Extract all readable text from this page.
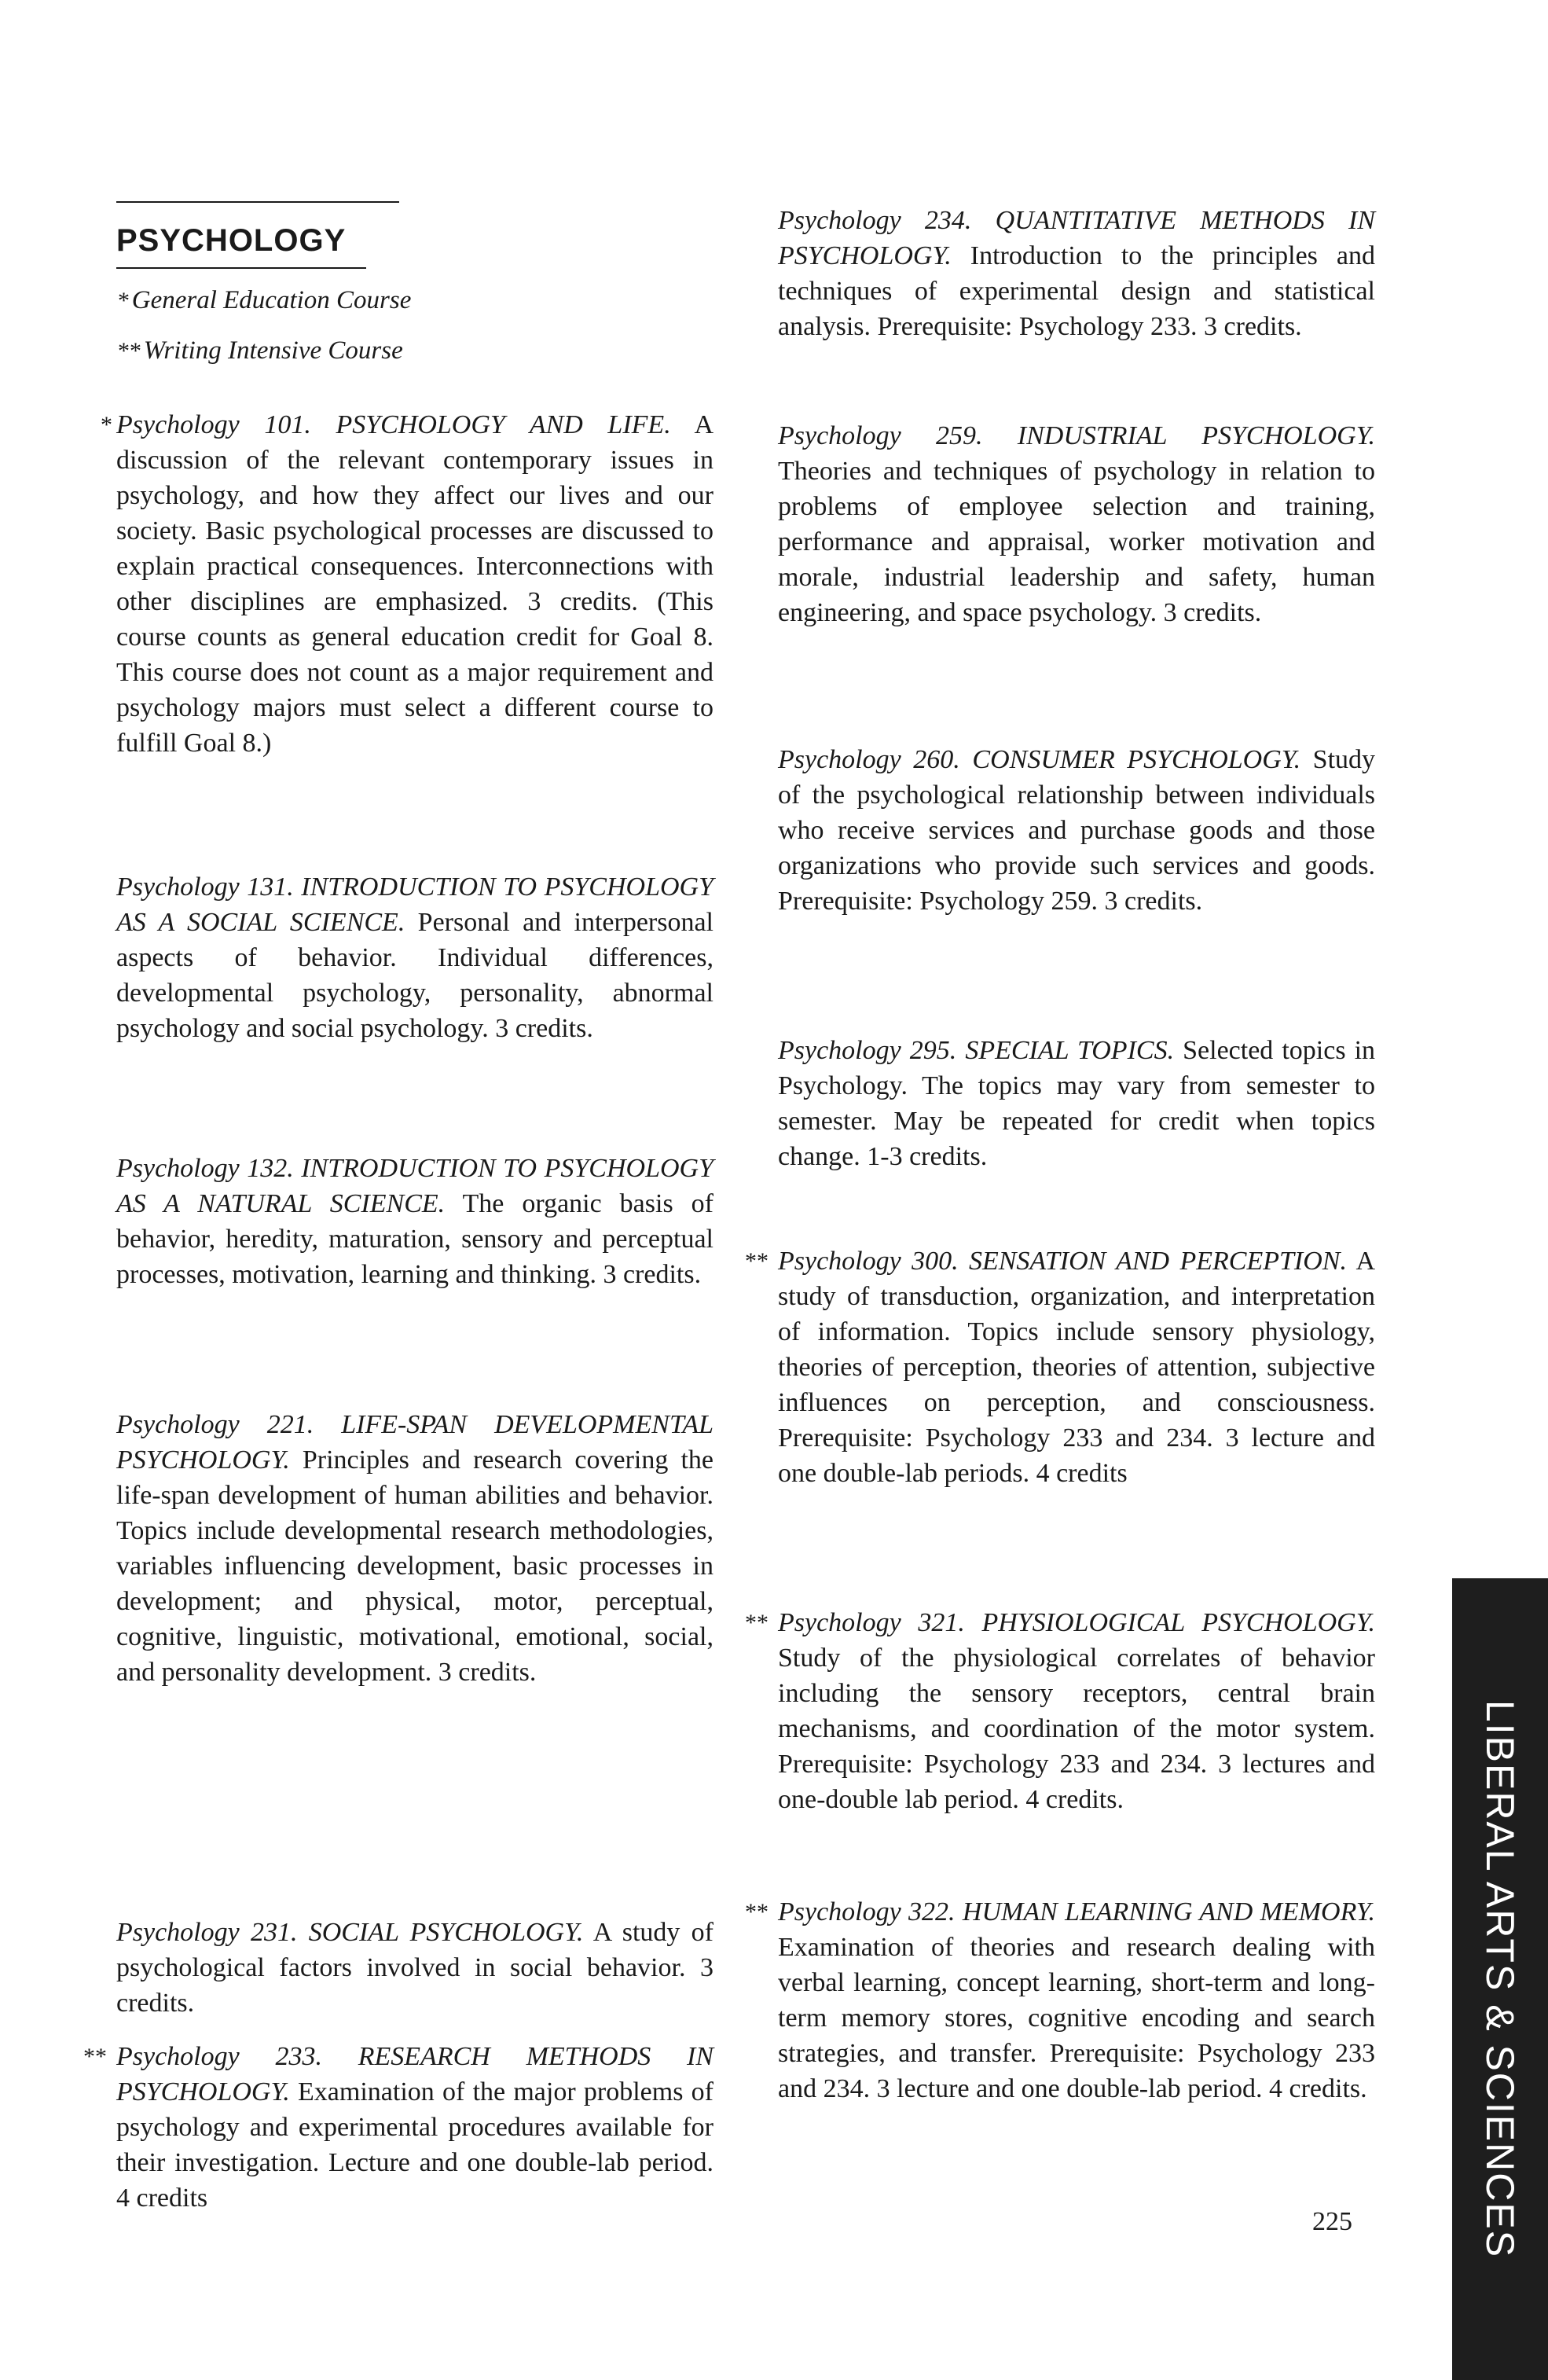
PSYCHOLOGY

* General Education Course

** Writing Intensive Course

* Psychology 101. PSYCHOLOGY AND LIFE. A discussion of the relevant contemporary issues in psychology, and how they affect our lives and our society. Basic psychological processes are discussed to explain practical consequences. Interconnections with other disciplines are emphasized. 3 credits. (This course counts as general education credit for Goal 8. This course does not count as a major requirement and psychology majors must select a different course to fulfill Goal 8.)

Psychology 131. INTRODUCTION TO PSYCHOLOGY AS A SOCIAL SCIENCE. Personal and interpersonal aspects of behavior. Individual differences, developmental psychology, personality, abnormal psychology and social psychology. 3 credits.

Psychology 132. INTRODUCTION TO PSYCHOLOGY AS A NATURAL SCIENCE. The organic basis of behavior, heredity, maturation, sensory and perceptual processes, motivation, learning and thinking. 3 credits.

Psychology 221. LIFE-SPAN DEVELOPMENTAL PSYCHOLOGY. Principles and research covering the life-span development of human abilities and behavior. Topics include developmental research methodologies, variables influencing development, basic processes in development; and physical, motor, perceptual, cognitive, linguistic, motivational, emotional, social, and personality development. 3 credits.

Psychology 231. SOCIAL PSYCHOLOGY. A study of psychological factors involved in social behavior. 3 credits.

** Psychology 233. RESEARCH METHODS IN PSYCHOLOGY. Examination of the major problems of psychology and experimental procedures available for their investigation. Lecture and one double-lab period. 4 credits

Psychology 234. QUANTITATIVE METHODS IN PSYCHOLOGY. Introduction to the principles and techniques of experimental design and statistical analysis. Prerequisite: Psychology 233. 3 credits.

Psychology 259. INDUSTRIAL PSYCHOLOGY. Theories and techniques of psychology in relation to problems of employee selection and training, performance and appraisal, worker motivation and morale, industrial leadership and safety, human engineering, and space psychology. 3 credits.

Psychology 260. CONSUMER PSYCHOLOGY. Study of the psychological relationship between individuals who receive services and purchase goods and those organizations who provide such services and goods. Prerequisite: Psychology 259. 3 credits.

Psychology 295. SPECIAL TOPICS. Selected topics in Psychology. The topics may vary from semester to semester. May be repeated for credit when topics change. 1-3 credits.

** Psychology 300. SENSATION AND PERCEPTION. A study of transduction, organization, and interpretation of information. Topics include sensory physiology, theories of perception, theories of attention, subjective influences on perception, and consciousness. Prerequisite: Psychology 233 and 234. 3 lecture and one double-lab periods. 4 credits

** Psychology 321. PHYSIOLOGICAL PSYCHOLOGY. Study of the physiological correlates of behavior including the sensory receptors, central brain mechanisms, and coordination of the motor system. Prerequisite: Psychology 233 and 234. 3 lectures and one-double lab period. 4 credits.

** Psychology 322. HUMAN LEARNING AND MEMORY. Examination of theories and research dealing with verbal learning, concept learning, short-term and long-term memory stores, cognitive encoding and search strategies, and transfer. Prerequisite: Psychology 233 and 234. 3 lecture and one double-lab period. 4 credits.

225	LIBERAL ARTS & SCIENCES
